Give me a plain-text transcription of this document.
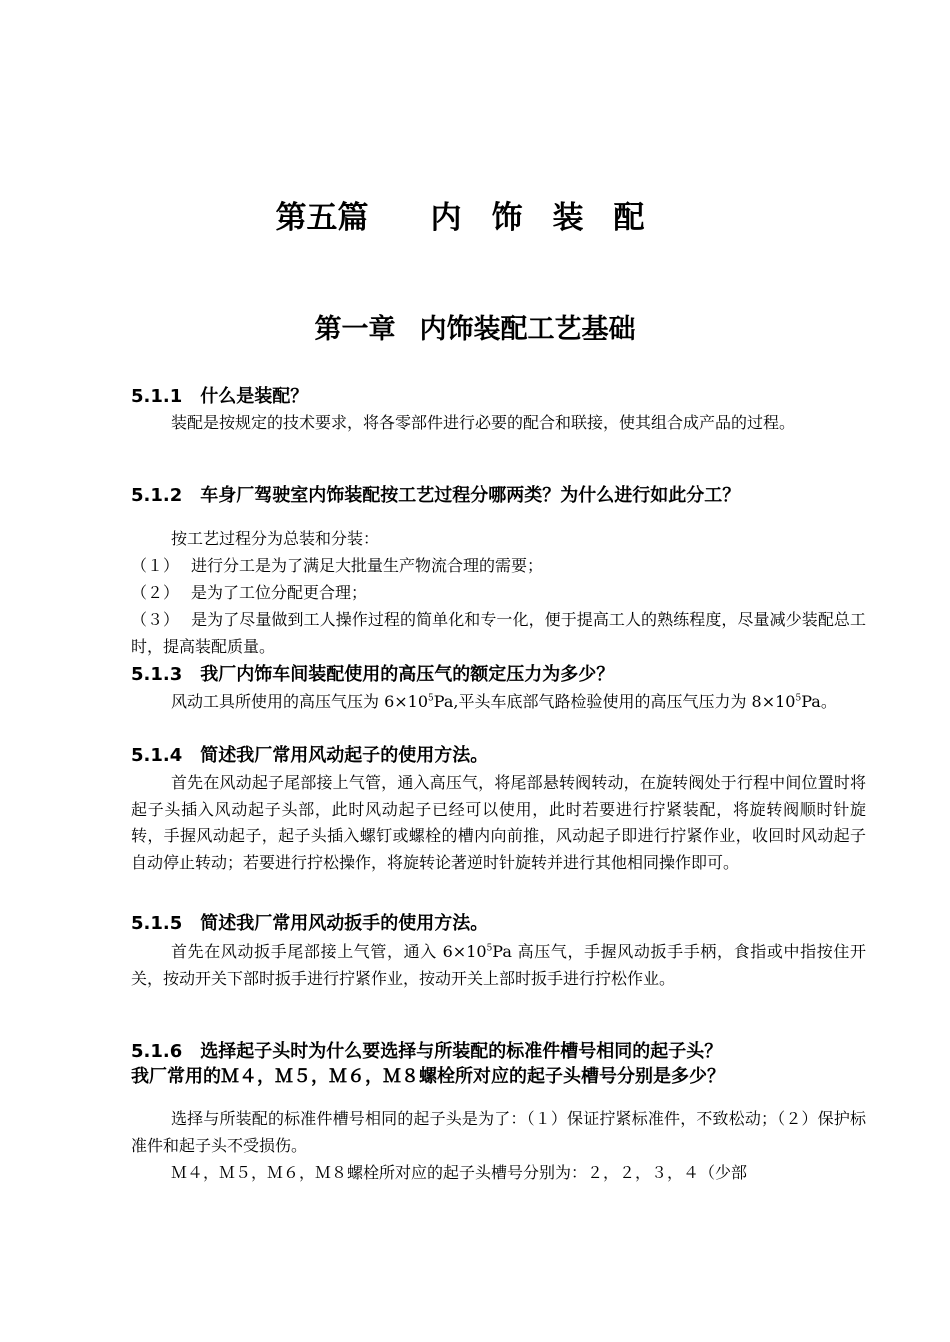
第五篇 内饰装配
第一章 内饰装配工艺基础
5.1.1 什么是装配？
装配是按规定的技术要求，将各零部件进行必要的配合和联接，使其组合成产品的过程。
5.1.2 车身厂驾驶室内饰装配按工艺过程分哪两类？为什么进行如此分工？
按工艺过程分为总装和分装：
（１） 进行分工是为了满足大批量生产物流合理的需要；
（２） 是为了工位分配更合理；
（３） 是为了尽量做到工人操作过程的简单化和专一化，便于提高工人的熟练程度，尽量减少装配总工时，提高装配质量。
5.1.3 我厂内饰车间装配使用的高压气的额定压力为多少？
风动工具所使用的高压气压为 $6\times 10^5Pa$,平头车底部气路检验使用的高压气压力为 $8\times 10^5Pa$。
5.1.4 简述我厂常用风动起子的使用方法。
首先在风动起子尾部接上气管，通入高压气，将尾部悬转阀转动，在旋转阀处于行程中间位置时将起子头插入风动起子头部，此时风动起子已经可以使用，此时若要进行拧紧装配，将旋转阀顺时针旋转，手握风动起子，起子头插入螺钉或螺栓的槽内向前推，风动起子即进行拧紧作业，收回时风动起子自动停止转动；若要进行拧松操作，将旋转论著逆时针旋转并进行其他相同操作即可。
5.1.5 简述我厂常用风动扳手的使用方法。
首先在风动扳手尾部接上气管，通入 $6\times 10^5Pa$ 高压气，手握风动扳手手柄，食指或中指按住开关，按动开关下部时扳手进行拧紧作业，按动开关上部时扳手进行拧松作业。
5.1.6 选择起子头时为什么要选择与所装配的标准件槽号相同的起子头？
我厂常用的Ｍ４，Ｍ５，Ｍ６，Ｍ８螺栓所对应的起子头槽号分别是多少？
选择与所装配的标准件槽号相同的起子头是为了：（１）保证拧紧标准件，不致松动；（２）保护标准件和起子头不受损伤。
Ｍ４，Ｍ５，Ｍ６，Ｍ８螺栓所对应的起子头槽号分别为：２，２，３，４（少部
